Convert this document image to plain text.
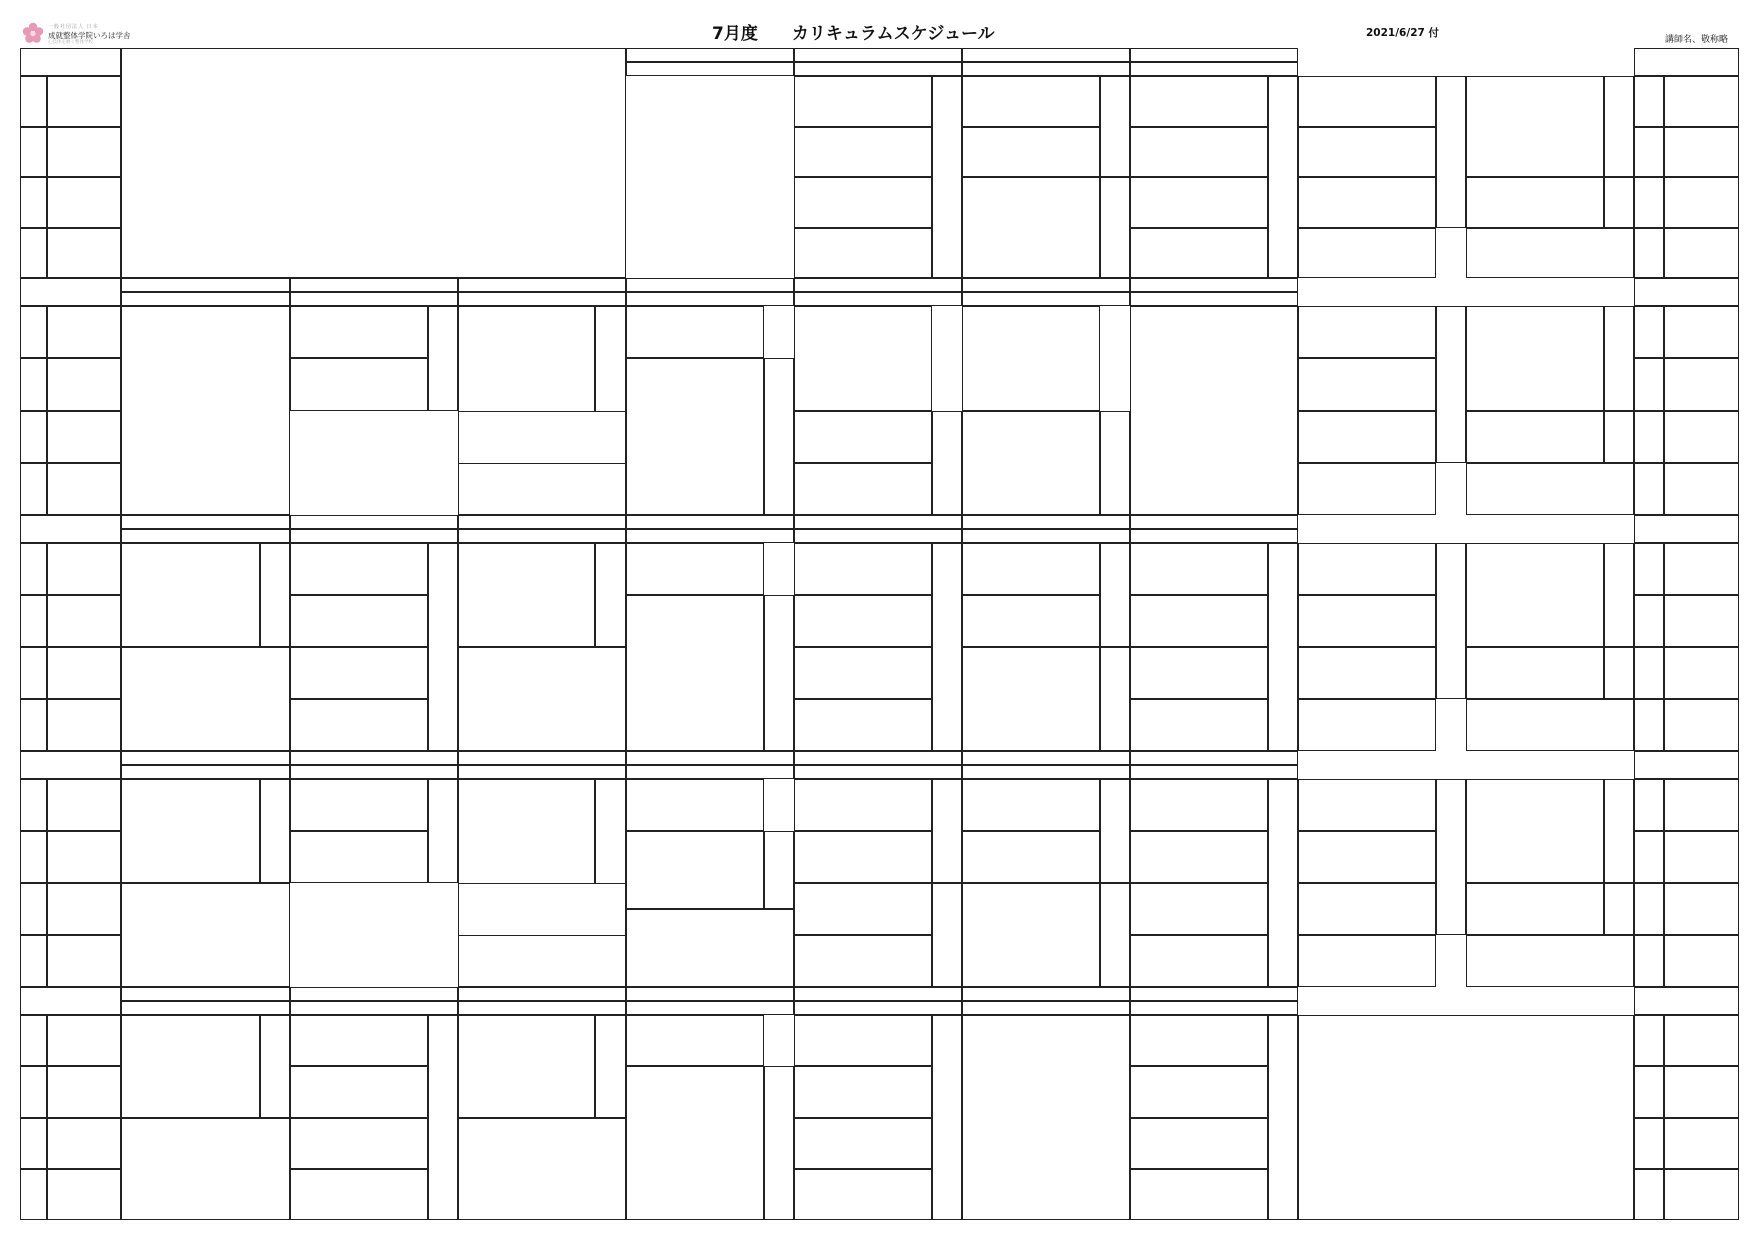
一般社団法人 日本
成就整体学院いろは学舎
心技体を磨く整体学校	7月度　　カリキュラムスケジュール	2021/6/27 付
講師名、敬称略
